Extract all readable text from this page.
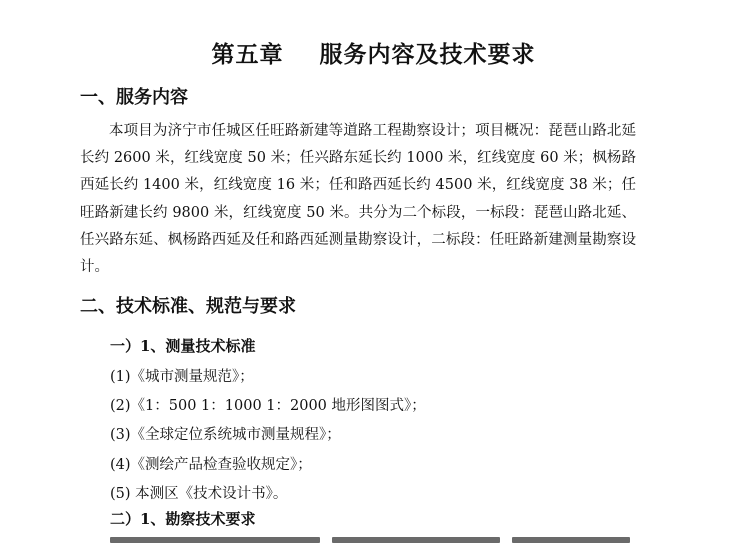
第五章    服务内容及技术要求
一、服务内容
本项目为济宁市任城区任旺路新建等道路工程勘察设计；项目概况：琵琶山路北延长约 2600 米，红线宽度 50 米；任兴路东延长约 1000 米，红线宽度 60 米；枫杨路西延长约 1400 米，红线宽度 16 米；任和路西延长约 4500 米，红线宽度 38 米；任旺路新建长约 9800 米，红线宽度 50 米。共分为二个标段，一标段：琵琶山路北延、任兴路东延、枫杨路西延及任和路西延测量勘察设计，二标段：任旺路新建测量勘察设计。
二、技术标准、规范与要求
一）1、测量技术标准
(1)《城市测量规范》；
(2)《1：500 1：1000 1：2000 地形图图式》；
(3)《全球定位系统城市测量规程》；
(4)《测绘产品检查验收规定》；
(5) 本测区《技术设计书》。
二）1、勘察技术要求
